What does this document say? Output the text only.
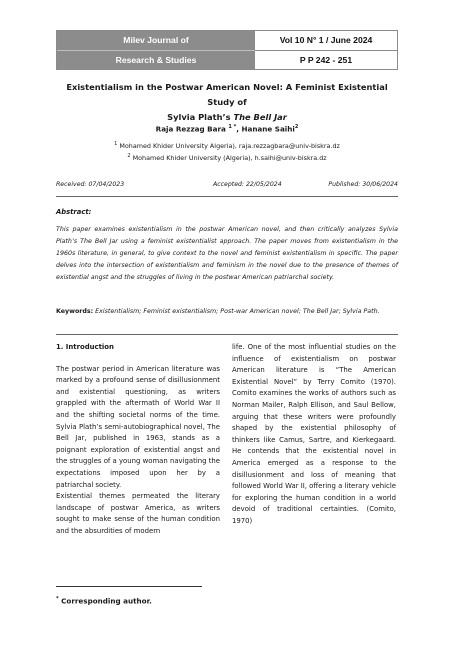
Milev Journal of
Research & Studies
Vol 10 N° 1 / June 2024
P P 242 - 251
Existentialism in the Postwar American Novel: A Feminist Existential Study of
Sylvia Plath’s The Bell Jar
Raja Rezzag Bara $^{1 *}$, Hanane Saihi$^2$
$^1$ Mohamed Khider University Algeria), raja.rezzagbara@univ-biskra.dz
$^2$ Mohamed Khider University (Algeria), h.saihi@univ-biskra.dz
Received: 07/04/2023	Accepted: 22/05/2024	Published: 30/06/2024
Abstract:
This paper examines existentialism in the postwar American novel, and then critically analyzes Sylvia Plath’s The Bell Jar using a feminist existentialist approach. The paper moves from existentialism in the 1960s literature, in general, to give context to the novel and feminist existentialism in specific. The paper delves into the intersection of existentialism and feminism in the novel due to the presence of themes of existential angst and the struggles of living in the postwar American patriarchal society.
Keywords: Existentialism; Feminist existentialism; Post-war American novel; The Bell Jar; Sylvia Path.

1. Introduction

The postwar period in American literature was marked by a profound sense of disillusionment and existential questioning, as writers grappled with the aftermath of World War II and the shifting societal norms of the time. Sylvia Plath’s semi-autobiographical novel, The Bell Jar, published in 1963, stands as a poignant exploration of existential angst and the struggles of a young woman navigating the expectations imposed upon her by a patriarchal society.

Existential themes permeated the literary landscape of postwar America, as writers sought to make sense of the human condition and the absurdities of modern

life. One of the most influential studies on the influence of existentialism on postwar American literature is “The American Existential Novel” by Terry Comito (1970). Comito examines the works of authors such as Norman Mailer, Ralph Ellison, and Saul Bellow, arguing that these writers were profoundly shaped by the existential philosophy of thinkers like Camus, Sartre, and Kierkegaard. He contends that the existential novel in America emerged as a response to the disillusionment and loss of meaning that followed World War II, offering a literary vehicle for exploring the human condition in a world devoid of traditional certainties. (Comito, 1970)

* Corresponding author.
